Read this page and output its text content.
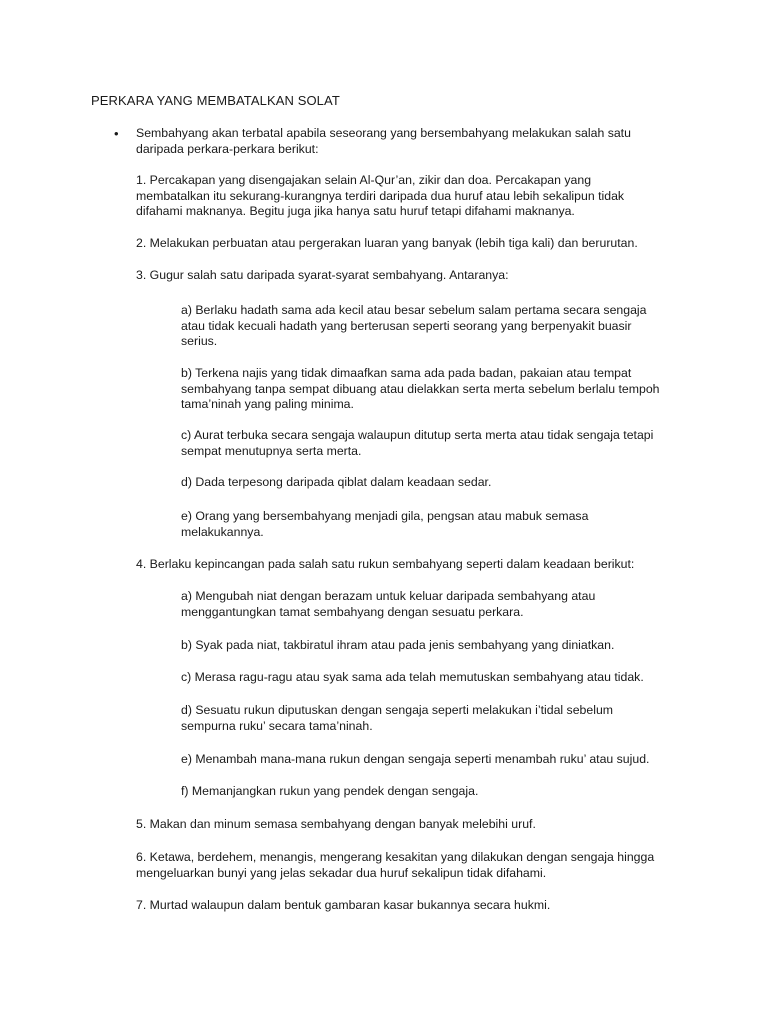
PERKARA YANG MEMBATALKAN SOLAT
• Sembahyang akan terbatal apabila seseorang yang bersembahyang melakukan salah satu
daripada perkara-perkara berikut:

1. Percakapan yang disengajakan selain Al-Qur’an, zikir dan doa. Percakapan yang
membatalkan itu sekurang-kurangnya terdiri daripada dua huruf atau lebih sekalipun tidak
difahami maknanya. Begitu juga jika hanya satu huruf tetapi difahami maknanya.

2. Melakukan perbuatan atau pergerakan luaran yang banyak (lebih tiga kali) dan berurutan.

3. Gugur salah satu daripada syarat-syarat sembahyang. Antaranya:

a) Berlaku hadath sama ada kecil atau besar sebelum salam pertama secara sengaja
atau tidak kecuali hadath yang berterusan seperti seorang yang berpenyakit buasir
serius.

b) Terkena najis yang tidak dimaafkan sama ada pada badan, pakaian atau tempat
sembahyang tanpa sempat dibuang atau dielakkan serta merta sebelum berlalu tempoh
tama’ninah yang paling minima.

c) Aurat terbuka secara sengaja walaupun ditutup serta merta atau tidak sengaja tetapi
sempat menutupnya serta merta.

d) Dada terpesong daripada qiblat dalam keadaan sedar.

e) Orang yang bersembahyang menjadi gila, pengsan atau mabuk semasa
melakukannya.

4. Berlaku kepincangan pada salah satu rukun sembahyang seperti dalam keadaan berikut:

a) Mengubah niat dengan berazam untuk keluar daripada sembahyang atau
menggantungkan tamat sembahyang dengan sesuatu perkara.

b) Syak pada niat, takbiratul ihram atau pada jenis sembahyang yang diniatkan.

c) Merasa ragu-ragu atau syak sama ada telah memutuskan sembahyang atau tidak.

d) Sesuatu rukun diputuskan dengan sengaja seperti melakukan i’tidal sebelum
sempurna ruku’ secara tama’ninah.

e) Menambah mana-mana rukun dengan sengaja seperti menambah ruku’ atau sujud.

f) Memanjangkan rukun yang pendek dengan sengaja.

5. Makan dan minum semasa sembahyang dengan banyak melebihi uruf.

6. Ketawa, berdehem, menangis, mengerang kesakitan yang dilakukan dengan sengaja hingga
mengeluarkan bunyi yang jelas sekadar dua huruf sekalipun tidak difahami.

7. Murtad walaupun dalam bentuk gambaran kasar bukannya secara hukmi.
